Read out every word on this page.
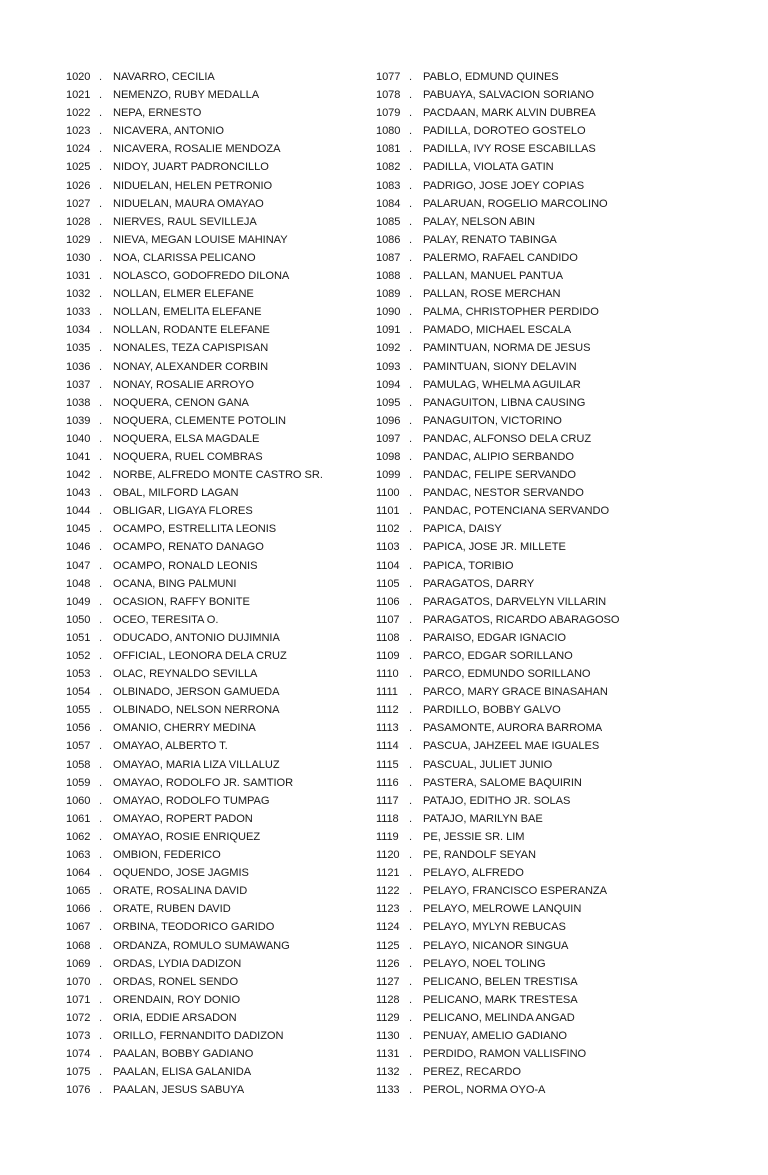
1020 . NAVARRO, CECILIA
1021 . NEMENZO, RUBY MEDALLA
1022 . NEPA, ERNESTO
1023 . NICAVERA, ANTONIO
1024 . NICAVERA, ROSALIE MENDOZA
1025 . NIDOY, JUART PADRONCILLO
1026 . NIDUELAN, HELEN PETRONIO
1027 . NIDUELAN, MAURA OMAYAO
1028 . NIERVES, RAUL SEVILLEJA
1029 . NIEVA, MEGAN LOUISE MAHINAY
1030 . NOA, CLARISSA PELICANO
1031 . NOLASCO, GODOFREDO DILONA
1032 . NOLLAN, ELMER ELEFANE
1033 . NOLLAN, EMELITA ELEFANE
1034 . NOLLAN, RODANTE ELEFANE
1035 . NONALES, TEZA CAPISPISAN
1036 . NONAY, ALEXANDER CORBIN
1037 . NONAY, ROSALIE ARROYO
1038 . NOQUERA, CENON GANA
1039 . NOQUERA, CLEMENTE POTOLIN
1040 . NOQUERA, ELSA MAGDALE
1041 . NOQUERA, RUEL COMBRAS
1042 . NORBE, ALFREDO MONTE CASTRO SR.
1043 . OBAL, MILFORD LAGAN
1044 . OBLIGAR, LIGAYA FLORES
1045 . OCAMPO, ESTRELLITA LEONIS
1046 . OCAMPO, RENATO DANAGO
1047 . OCAMPO, RONALD LEONIS
1048 . OCANA, BING PALMUNI
1049 . OCASION, RAFFY BONITE
1050 . OCEO, TERESITA O.
1051 . ODUCADO, ANTONIO DUJIMNIA
1052 . OFFICIAL, LEONORA DELA CRUZ
1053 . OLAC, REYNALDO SEVILLA
1054 . OLBINADO, JERSON GAMUEDA
1055 . OLBINADO, NELSON NERRONA
1056 . OMANIO, CHERRY MEDINA
1057 . OMAYAO, ALBERTO T.
1058 . OMAYAO, MARIA LIZA VILLALUZ
1059 . OMAYAO, RODOLFO JR. SAMTIOR
1060 . OMAYAO, RODOLFO TUMPAG
1061 . OMAYAO, ROPERT PADON
1062 . OMAYAO, ROSIE ENRIQUEZ
1063 . OMBION, FEDERICO
1064 . OQUENDO, JOSE JAGMIS
1065 . ORATE, ROSALINA DAVID
1066 . ORATE, RUBEN DAVID
1067 . ORBINA, TEODORICO GARIDO
1068 . ORDANZA, ROMULO SUMAWANG
1069 . ORDAS, LYDIA DADIZON
1070 . ORDAS, RONEL SENDO
1071 . ORENDAIN, ROY DONIO
1072 . ORIA, EDDIE ARSADON
1073 . ORILLO, FERNANDITO DADIZON
1074 . PAALAN, BOBBY GADIANO
1075 . PAALAN, ELISA GALANIDA
1076 . PAALAN, JESUS SABUYA
1077 . PABLO, EDMUND QUINES
1078 . PABUAYA, SALVACION SORIANO
1079 . PACDAAN, MARK ALVIN DUBREA
1080 . PADILLA, DOROTEO GOSTELO
1081 . PADILLA, IVY ROSE ESCABILLAS
1082 . PADILLA, VIOLATA GATIN
1083 . PADRIGO, JOSE JOEY COPIAS
1084 . PALARUAN, ROGELIO MARCOLINO
1085 . PALAY, NELSON ABIN
1086 . PALAY, RENATO TABINGA
1087 . PALERMO, RAFAEL CANDIDO
1088 . PALLAN, MANUEL PANTUA
1089 . PALLAN, ROSE MERCHAN
1090 . PALMA, CHRISTOPHER PERDIDO
1091 . PAMADO, MICHAEL ESCALA
1092 . PAMINTUAN, NORMA DE JESUS
1093 . PAMINTUAN, SIONY DELAVIN
1094 . PAMULAG, WHELMA AGUILAR
1095 . PANAGUITON, LIBNA CAUSING
1096 . PANAGUITON, VICTORINO
1097 . PANDAC, ALFONSO DELA CRUZ
1098 . PANDAC, ALIPIO SERBANDO
1099 . PANDAC, FELIPE SERVANDO
1100 . PANDAC, NESTOR SERVANDO
1101 . PANDAC, POTENCIANA SERVANDO
1102 . PAPICA, DAISY
1103 . PAPICA, JOSE JR. MILLETE
1104 . PAPICA, TORIBIO
1105 . PARAGATOS, DARRY
1106 . PARAGATOS, DARVELYN VILLARIN
1107 . PARAGATOS, RICARDO ABARAGOSO
1108 . PARAISO, EDGAR IGNACIO
1109 . PARCO, EDGAR SORILLANO
1110 . PARCO, EDMUNDO SORILLANO
1111	. PARCO, MARY GRACE BINASAHAN
1112 . PARDILLO, BOBBY GALVO
1113 . PASAMONTE, AURORA BARROMA
1114 . PASCUA, JAHZEEL MAE IGUALES
1115 . PASCUAL, JULIET JUNIO
1116 . PASTERA, SALOME BAQUIRIN
1117 . PATAJO, EDITHO JR. SOLAS
1118 . PATAJO, MARILYN BAE
1119 . PE, JESSIE SR. LIM
1120 . PE, RANDOLF SEYAN
1121 . PELAYO, ALFREDO
1122 . PELAYO, FRANCISCO ESPERANZA
1123 . PELAYO, MELROWE LANQUIN
1124 . PELAYO, MYLYN REBUCAS
1125 . PELAYO, NICANOR SINGUA
1126 . PELAYO, NOEL TOLING
1127 . PELICANO, BELEN TRESTISA
1128 . PELICANO, MARK TRESTESA
1129 . PELICANO, MELINDA ANGAD
1130 . PENUAY, AMELIO GADIANO
1131 . PERDIDO, RAMON VALLISFINO
1132 . PEREZ, RECARDO
1133 . PEROL, NORMA OYO-A
